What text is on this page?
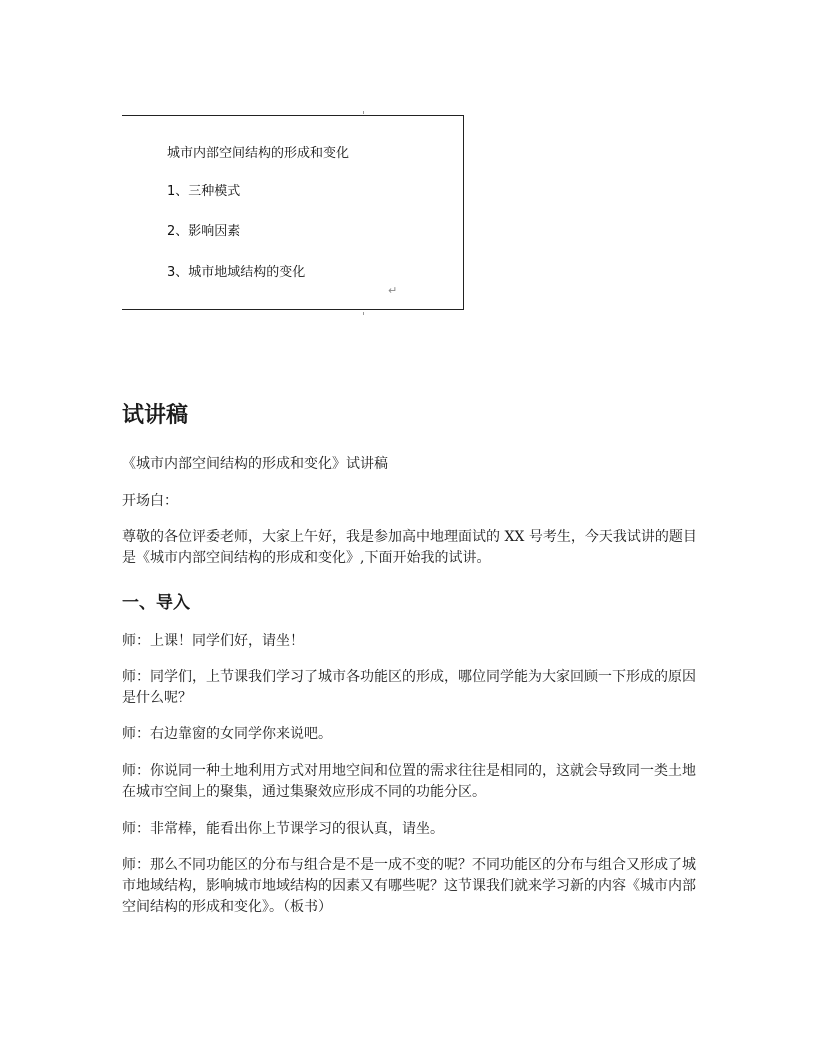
城市内部空间结构的形成和变化
1、三种模式
2、影响因素
3、城市地域结构的变化
↵
试讲稿

《城市内部空间结构的形成和变化》试讲稿

开场白：

尊敬的各位评委老师，大家上午好，我是参加高中地理面试的 XX 号考生，今天我试讲的题目是《城市内部空间结构的形成和变化》,下面开始我的试讲。

一、导入

师：上课！同学们好，请坐！

师：同学们，上节课我们学习了城市各功能区的形成，哪位同学能为大家回顾一下形成的原因是什么呢？

师：右边靠窗的女同学你来说吧。

师：你说同一种土地利用方式对用地空间和位置的需求往往是相同的，这就会导致同一类土地在城市空间上的聚集，通过集聚效应形成不同的功能分区。

师：非常棒，能看出你上节课学习的很认真，请坐。

师：那么不同功能区的分布与组合是不是一成不变的呢？不同功能区的分布与组合又形成了城市地域结构，影响城市地域结构的因素又有哪些呢？这节课我们就来学习新的内容《城市内部空间结构的形成和变化》。（板书）
